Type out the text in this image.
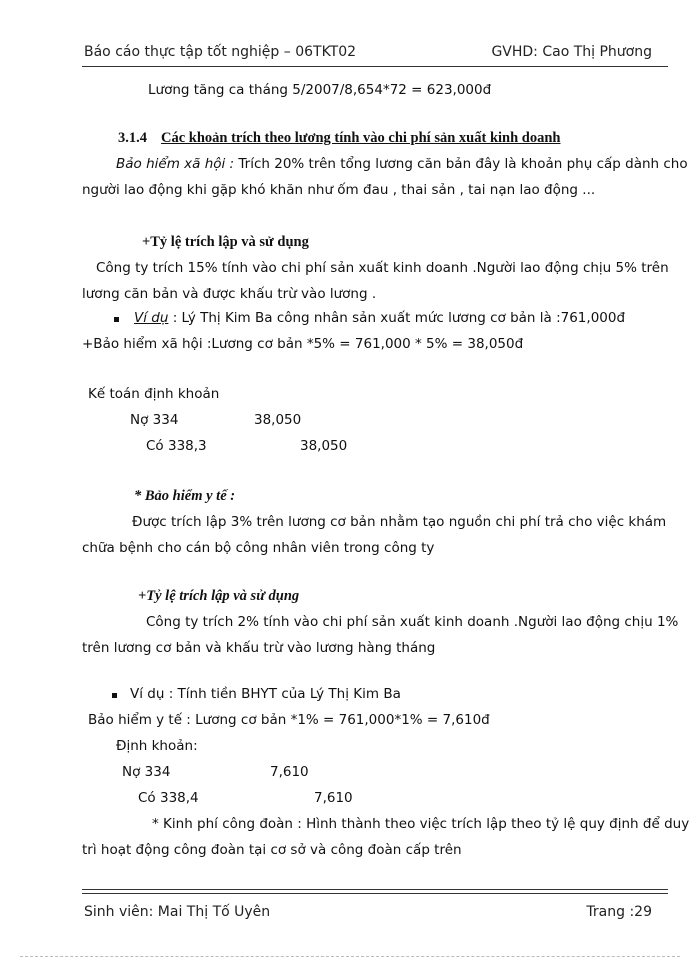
Báo cáo thực tập tốt nghiệp – 06TKT02	GVHD: Cao Thị Phương
Lương tăng ca tháng 5/2007/8,654*72 = 623,000đ
3.1.4 Các khoản trích theo lương tính vào chi phí sản xuất kinh doanh
Bảo hiểm xã hội : Trích 20% trên tổng lương căn bản đây là khoản phụ cấp dành cho
người lao động khi gặp khó khăn như ốm đau , thai sản , tai nạn lao động ...
+Tỷ lệ trích lập và sử dụng
Công ty trích 15% tính vào chi phí sản xuất kinh doanh .Người lao động chịu 5% trên
lương căn bản và được khấu trừ vào lương .
Ví dụ : Lý Thị Kim Ba công nhân sản xuất mức lương cơ bản là :761,000đ
+Bảo hiểm xã hội :Lương cơ bản *5% = 761,000 * 5% = 38,050đ
Kế toán định khoản
Nợ 334	38,050
Có 338,3	38,050
* Bảo hiểm y tế :
Được trích lập 3% trên lương cơ bản nhằm tạo nguồn chi phí trả cho việc khám
chữa bệnh cho cán bộ công nhân viên trong công ty
+Tỷ lệ trích lập và sử dụng
Công ty trích 2% tính vào chi phí sản xuất kinh doanh .Người lao động chịu 1%
trên lương cơ bản và khấu trừ vào lương hàng tháng
Ví dụ : Tính tiền BHYT của Lý Thị Kim Ba
Bảo hiểm y tế : Lương cơ bản *1% = 761,000*1% = 7,610đ
Định khoản:
Nợ 334	7,610
Có 338,4	7,610
* Kinh phí công đoàn : Hình thành theo việc trích lập theo tỷ lệ quy định để duy
trì hoạt động công đoàn tại cơ sở và công đoàn cấp trên
Sinh viên: Mai Thị Tố Uyên	Trang :29
